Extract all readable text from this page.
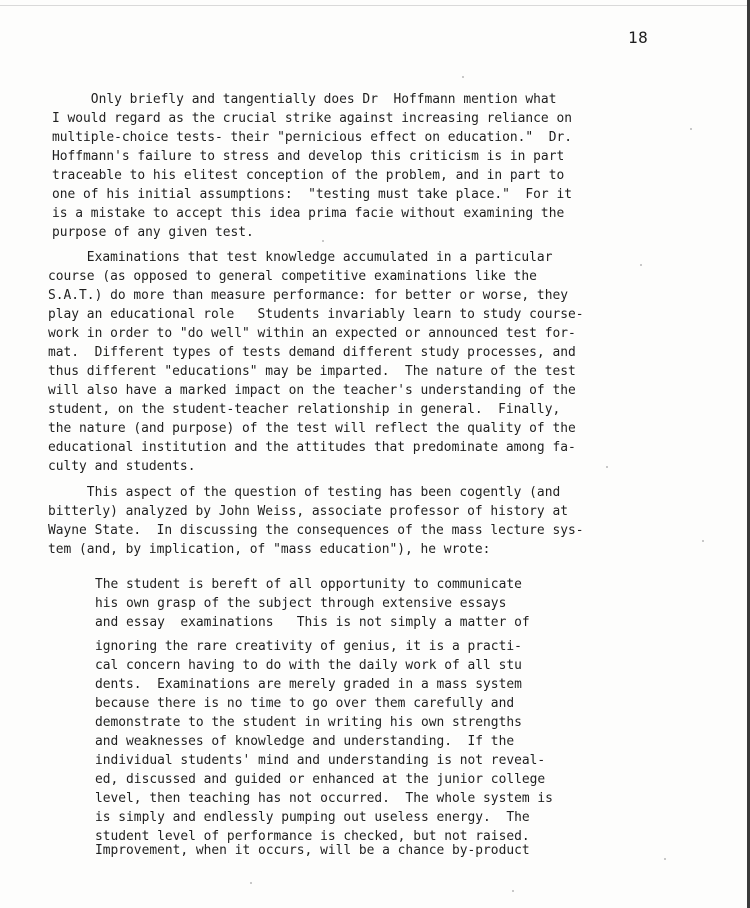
18
Only briefly and tangentially does Dr  Hoffmann mention what
I would regard as the crucial strike against increasing reliance on
multiple-choice tests- their "pernicious effect on education."  Dr.
Hoffmann's failure to stress and develop this criticism is in part
traceable to his elitest conception of the problem, and in part to
one of his initial assumptions:  "testing must take place."  For it
is a mistake to accept this idea prima facie without examining the
purpose of any given test.
Examinations that test knowledge accumulated in a particular
course (as opposed to general competitive examinations like the
S.A.T.) do more than measure performance: for better or worse, they
play an educational role   Students invariably learn to study course-
work in order to "do well" within an expected or announced test for-
mat.  Different types of tests demand different study processes, and
thus different "educations" may be imparted.  The nature of the test
will also have a marked impact on the teacher's understanding of the
student, on the student-teacher relationship in general.  Finally,
the nature (and purpose) of the test will reflect the quality of the
educational institution and the attitudes that predominate among fa-
culty and students.
This aspect of the question of testing has been cogently (and
bitterly) analyzed by John Weiss, associate professor of history at
Wayne State.  In discussing the consequences of the mass lecture sys-
tem (and, by implication, of "mass education"), he wrote:
The student is bereft of all opportunity to communicate
his own grasp of the subject through extensive essays
and essay  examinations   This is not simply a matter of
ignoring the rare creativity of genius, it is a practi-
cal concern having to do with the daily work of all stu
dents.  Examinations are merely graded in a mass system
because there is no time to go over them carefully and
demonstrate to the student in writing his own strengths
and weaknesses of knowledge and understanding.  If the
individual students' mind and understanding is not reveal-
ed, discussed and guided or enhanced at the junior college
level, then teaching has not occurred.  The whole system is
is simply and endlessly pumping out useless energy.  The
student level of performance is checked, but not raised.
Improvement, when it occurs, will be a chance by-product
